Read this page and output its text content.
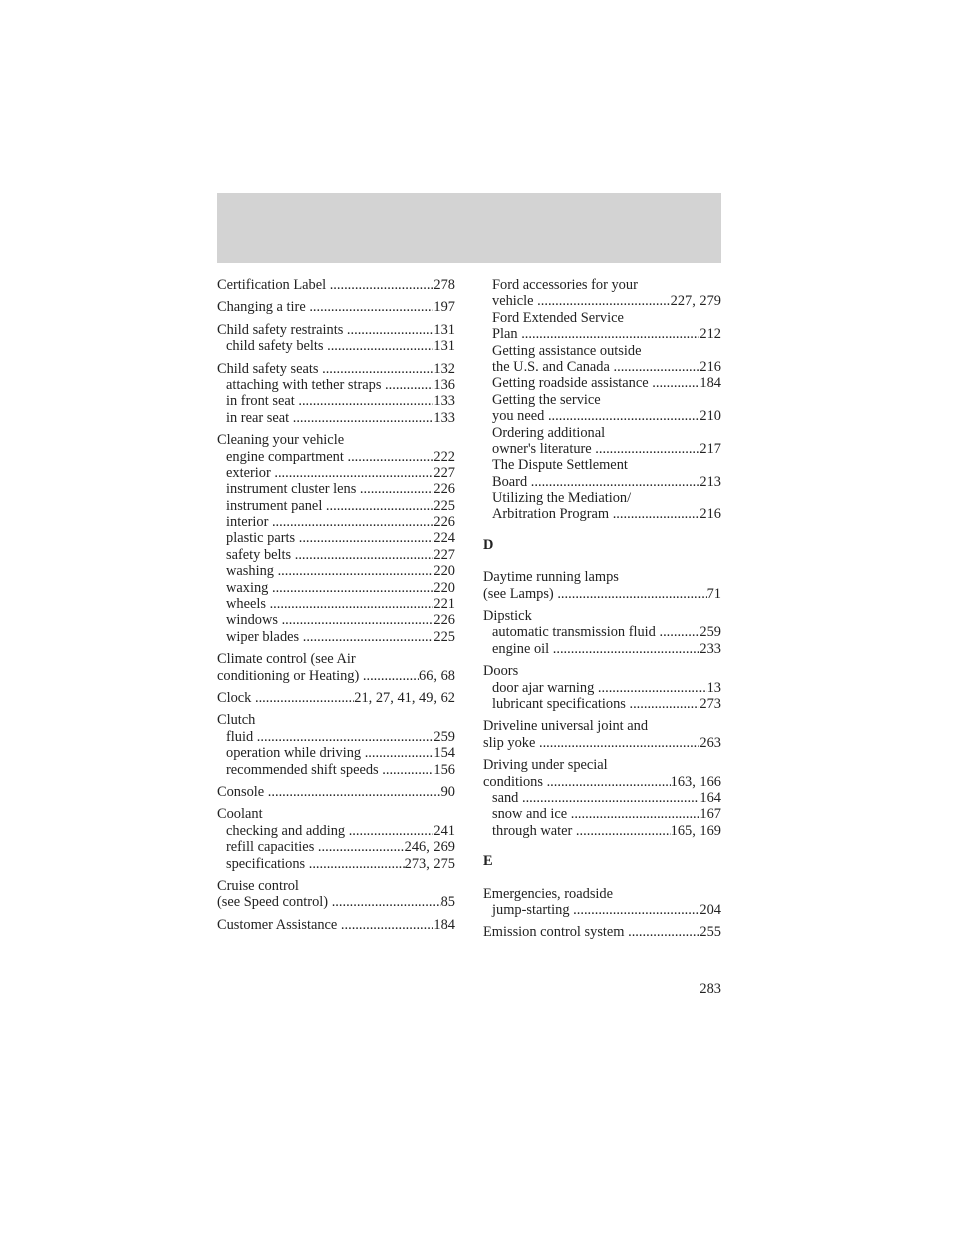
Certification Label .....	278
Changing a tire .....	197
Child safety restraints .....	131
child safety belts .....	131
Child safety seats .....	132
attaching with tether straps .....	136
in front seat .....	133
in rear seat .....	133
Cleaning your vehicle
engine compartment .....	222
exterior .....	227
instrument cluster lens .....	226
instrument panel .....	225
interior .....	226
plastic parts .....	224
safety belts .....	227
washing .....	220
waxing .....	220
wheels .....	221
windows .....	226
wiper blades .....	225
Climate control (see Air
conditioning or Heating) .....	66, 68
Clock .....	21, 27, 41, 49, 62
Clutch
fluid .....	259
operation while driving .....	154
recommended shift speeds .....	156
Console .....	90
Coolant
checking and adding .....	241
refill capacities .....	246, 269
specifications .....	273, 275
Cruise control
(see Speed control) .....	85
Customer Assistance .....	184
Ford accessories for your
vehicle .....	227, 279
Ford Extended Service
Plan .....	212
Getting assistance outside
the U.S. and Canada .....	216
Getting roadside assistance .....	184
Getting the service
you need .....	210
Ordering additional
owner's literature .....	217
The Dispute Settlement
Board .....	213
Utilizing the Mediation/
Arbitration Program .....	216
D
Daytime running lamps
(see Lamps) .....	71
Dipstick
automatic transmission fluid .....	259
engine oil .....	233
Doors
door ajar warning .....	13
lubricant specifications .....	273
Driveline universal joint and
slip yoke .....	263
Driving under special
conditions .....	163, 166
sand .....	164
snow and ice .....	167
through water .....	165, 169
E
Emergencies, roadside
jump-starting .....	204
Emission control system .....	255
283
